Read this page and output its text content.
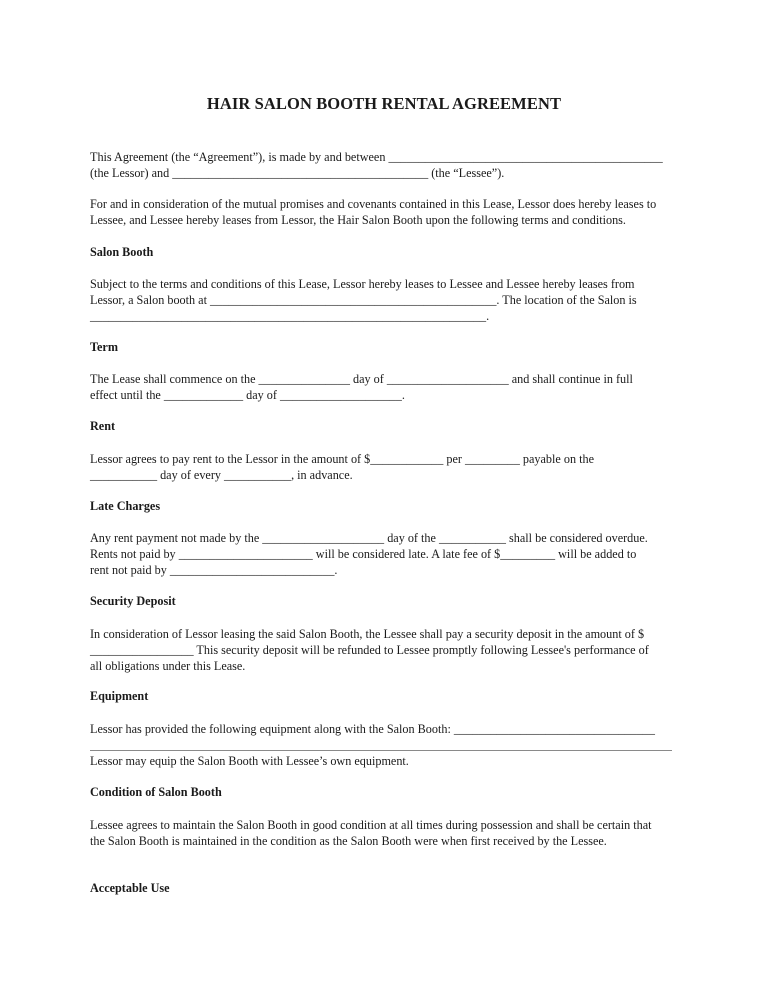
HAIR SALON BOOTH RENTAL AGREEMENT
This Agreement (the “Agreement”), is made by and between _____________________________________________
(the Lessor) and __________________________________________ (the “Lessee”).
For and in consideration of the mutual promises and covenants contained in this Lease, Lessor does hereby leases to
Lessee, and Lessee hereby leases from Lessor, the Hair Salon Booth upon the following terms and conditions.
Salon Booth
Subject to the terms and conditions of this Lease, Lessor hereby leases to Lessee and Lessee hereby leases from
Lessor, a Salon booth at _______________________________________________. The location of the Salon is
_________________________________________________________________.
Term
The Lease shall commence on the _______________ day of ____________________ and shall continue in full
effect until the _____________ day of ____________________.
Rent
Lessor agrees to pay rent to the Lessor in the amount of $____________ per _________ payable on the
___________ day of every ___________, in advance.
Late Charges
Any rent payment not made by the ____________________ day of the ___________ shall be considered overdue.
Rents not paid by ______________________ will be considered late. A late fee of $_________ will be added to
rent not paid by ___________________________.
Security Deposit
In consideration of Lessor leasing the said Salon Booth, the Lessee shall pay a security deposit in the amount of $
_________________ This security deposit will be refunded to Lessee promptly following Lessee's performance of
all obligations under this Lease.
Equipment
Lessor has provided the following equipment along with the Salon Booth: _________________________________
Lessor may equip the Salon Booth with Lessee’s own equipment.
Condition of Salon Booth
Lessee agrees to maintain the Salon Booth in good condition at all times during possession and shall be certain that
the Salon Booth is maintained in the condition as the Salon Booth were when first received by the Lessee.
Acceptable Use
